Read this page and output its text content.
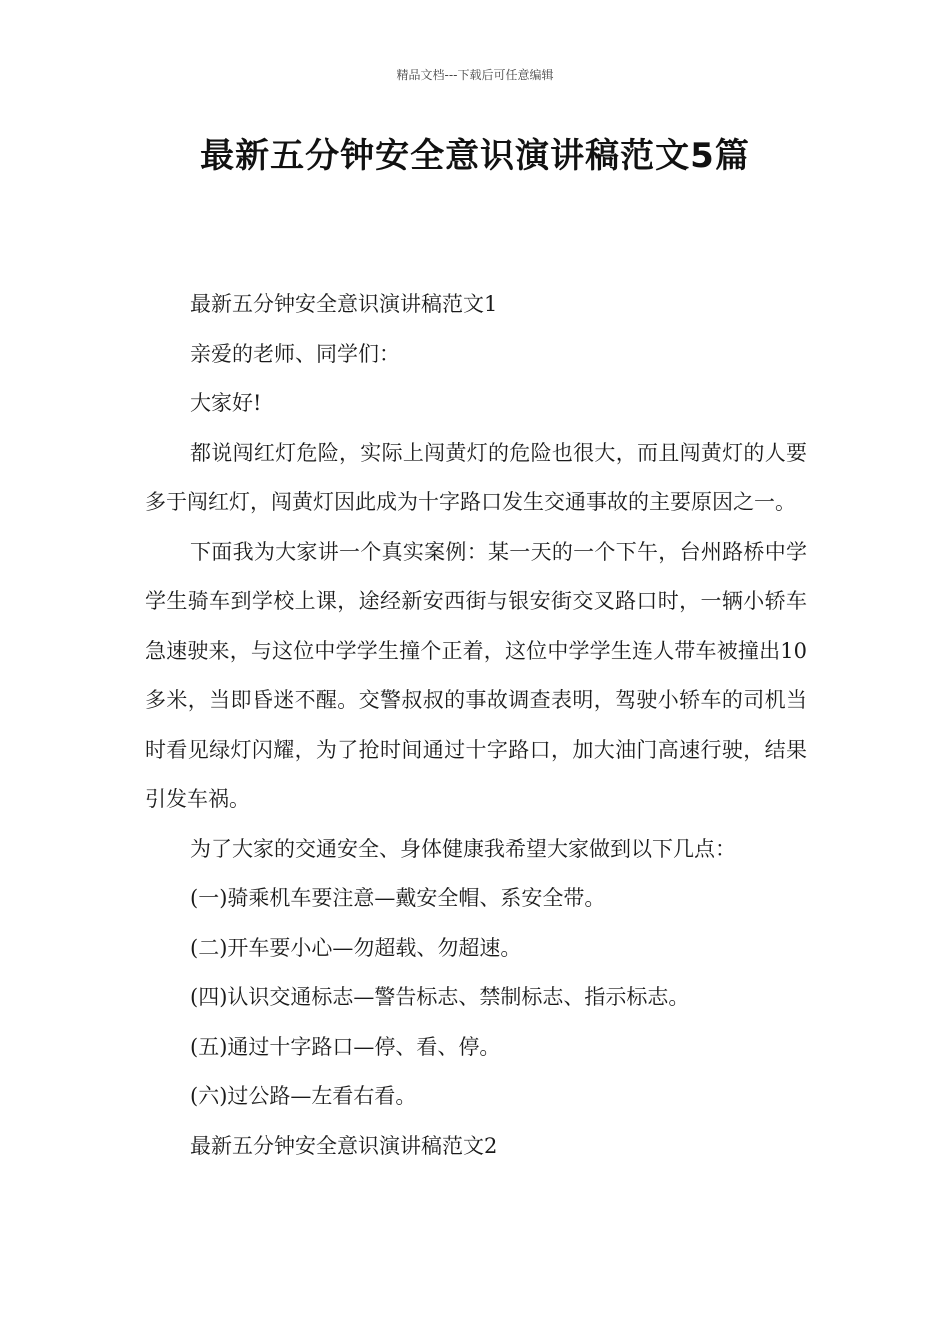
精品文档---下载后可任意编辑
最新五分钟安全意识演讲稿范文5篇

最新五分钟安全意识演讲稿范文1

亲爱的老师、同学们：

大家好!

都说闯红灯危险，实际上闯黄灯的危险也很大，而且闯黄灯的人要多于闯红灯，闯黄灯因此成为十字路口发生交通事故的主要原因之一。

下面我为大家讲一个真实案例：某一天的一个下午，台州路桥中学学生骑车到学校上课，途经新安西街与银安街交叉路口时，一辆小轿车急速驶来，与这位中学学生撞个正着，这位中学学生连人带车被撞出10多米，当即昏迷不醒。交警叔叔的事故调查表明，驾驶小轿车的司机当时看见绿灯闪耀，为了抢时间通过十字路口，加大油门高速行驶，结果引发车祸。

为了大家的交通安全、身体健康我希望大家做到以下几点：

(一)骑乘机车要注意—戴安全帽、系安全带。

(二)开车要小心—勿超载、勿超速。

(四)认识交通标志—警告标志、禁制标志、指示标志。

(五)通过十字路口—停、看、停。

(六)过公路—左看右看。

最新五分钟安全意识演讲稿范文2
